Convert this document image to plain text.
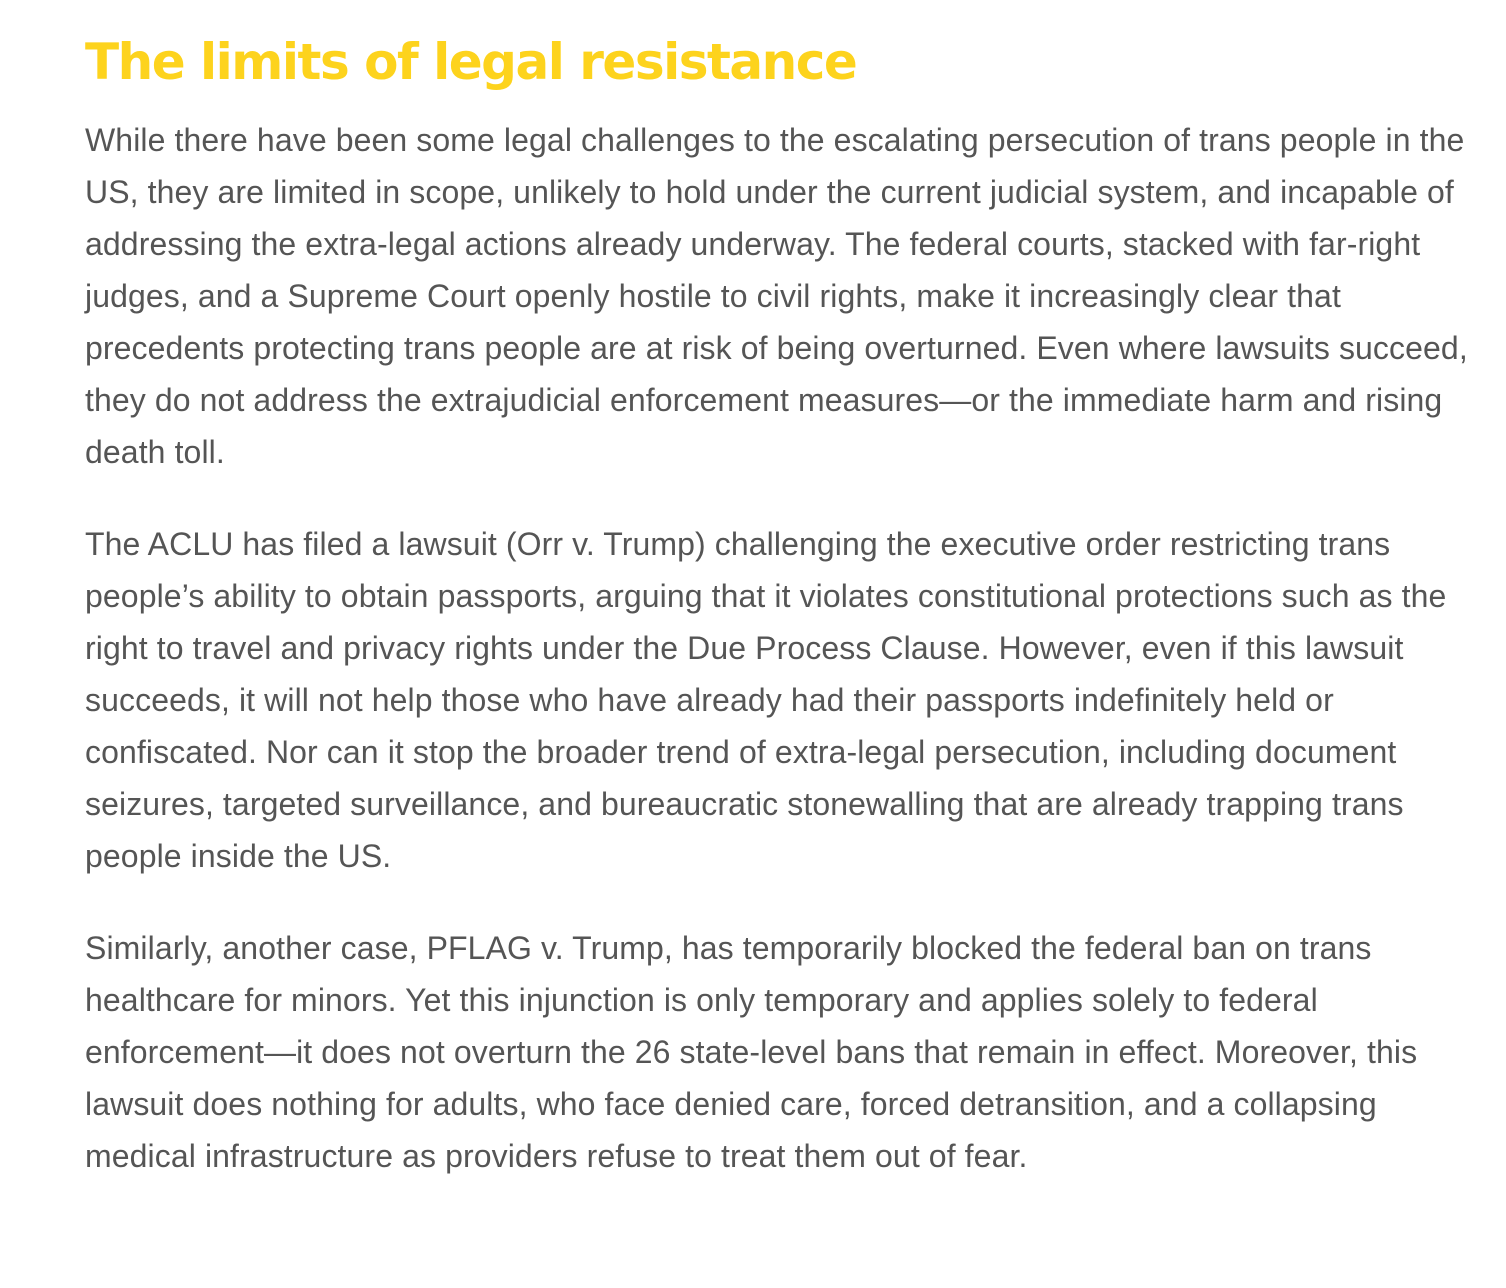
The limits of legal resistance

While there have been some legal challenges to the escalating persecution of trans people in the US, they are limited in scope, unlikely to hold under the current judicial system, and incapable of addressing the extra-legal actions already underway. The federal courts, stacked with far-right judges, and a Supreme Court openly hostile to civil rights, make it increasingly clear that precedents protecting trans people are at risk of being overturned. Even where lawsuits succeed, they do not address the extrajudicial enforcement measures—or the immediate harm and rising death toll.

The ACLU has filed a lawsuit (Orr v. Trump) challenging the executive order restricting trans people’s ability to obtain passports, arguing that it violates constitutional protections such as the right to travel and privacy rights under the Due Process Clause. However, even if this lawsuit succeeds, it will not help those who have already had their passports indefinitely held or confiscated. Nor can it stop the broader trend of extra-legal persecution, including document seizures, targeted surveillance, and bureaucratic stonewalling that are already trapping trans people inside the US.

Similarly, another case, PFLAG v. Trump, has temporarily blocked the federal ban on trans healthcare for minors. Yet this injunction is only temporary and applies solely to federal enforcement—it does not overturn the 26 state-level bans that remain in effect. Moreover, this lawsuit does nothing for adults, who face denied care, forced detransition, and a collapsing medical infrastructure as providers refuse to treat them out of fear.
